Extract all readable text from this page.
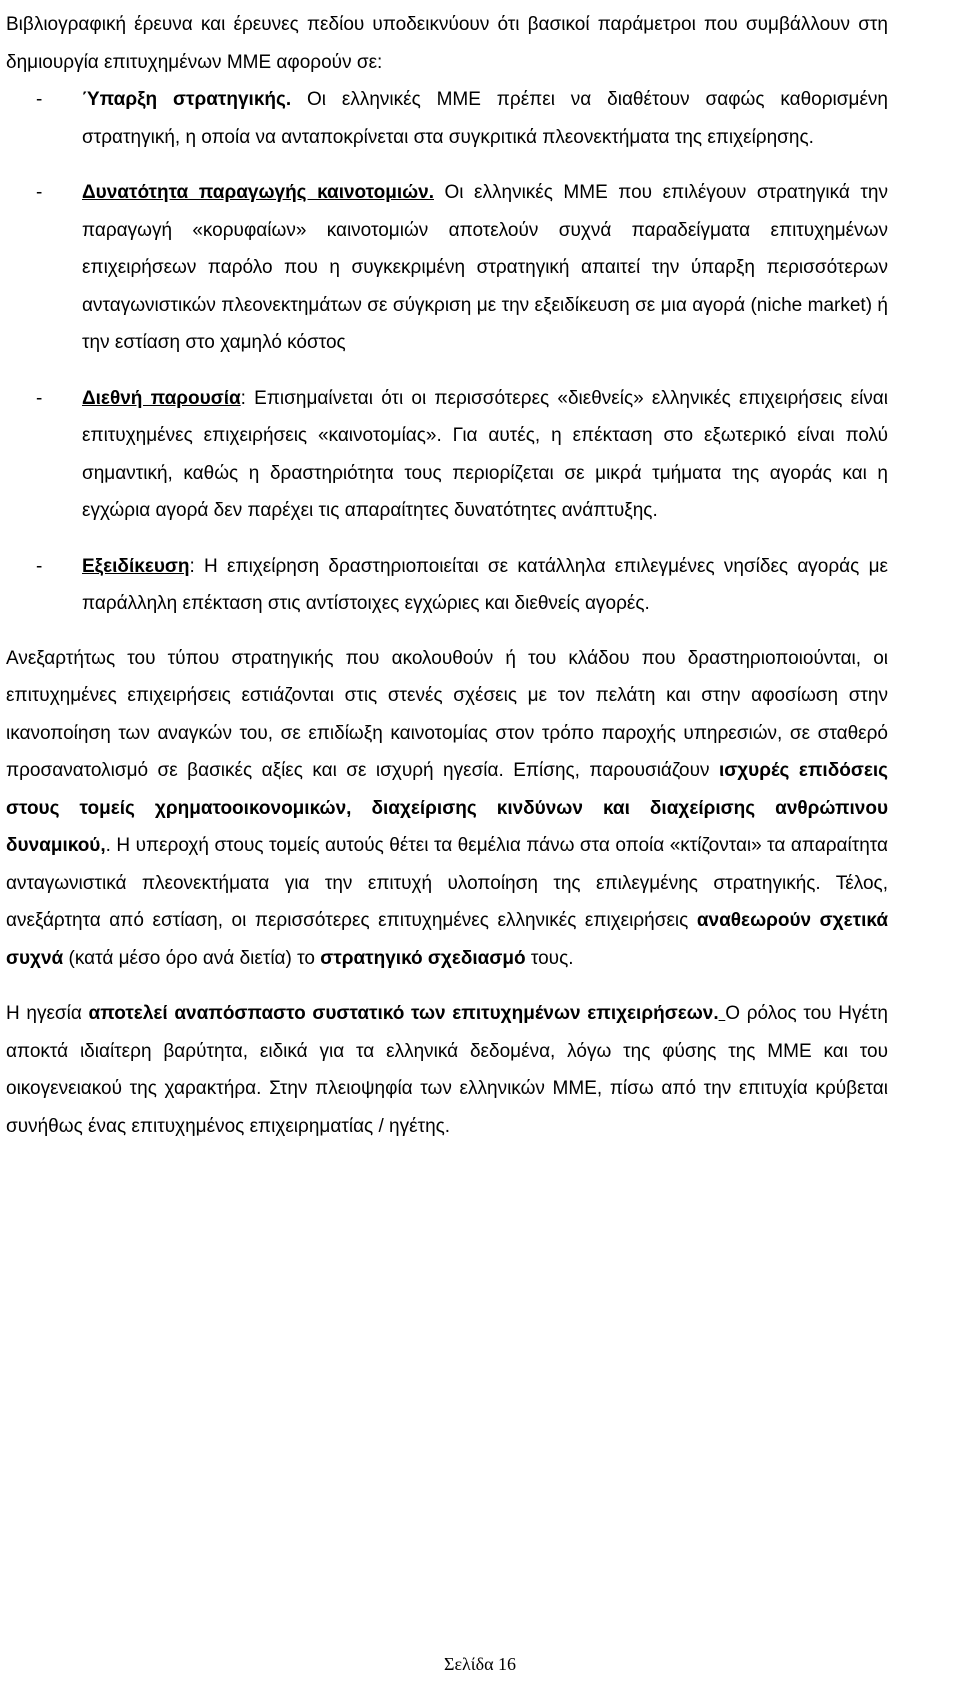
Βιβλιογραφική έρευνα και έρευνες πεδίου υποδεικνύουν ότι βασικοί παράμετροι που συμβάλλουν στη δημιουργία επιτυχημένων ΜΜΕ αφορούν σε:

- Ύπαρξη στρατηγικής. Οι ελληνικές ΜΜΕ πρέπει να διαθέτουν σαφώς καθορισμένη στρατηγική, η οποία να ανταποκρίνεται στα συγκριτικά πλεονεκτήματα της επιχείρησης.

- Δυνατότητα παραγωγής καινοτομιών. Οι ελληνικές ΜΜΕ που επιλέγουν στρατηγικά την παραγωγή «κορυφαίων» καινοτομιών αποτελούν συχνά παραδείγματα επιτυχημένων επιχειρήσεων παρόλο που η συγκεκριμένη στρατηγική απαιτεί την ύπαρξη περισσότερων ανταγωνιστικών πλεονεκτημάτων σε σύγκριση με την εξειδίκευση σε μια αγορά (niche market) ή την εστίαση στο χαμηλό κόστος

- Διεθνή παρουσία: Επισημαίνεται ότι οι περισσότερες «διεθνείς» ελληνικές επιχειρήσεις είναι επιτυχημένες επιχειρήσεις «καινοτομίας». Για αυτές, η επέκταση στο εξωτερικό είναι πολύ σημαντική, καθώς η δραστηριότητα τους περιορίζεται σε μικρά τμήματα της αγοράς και η εγχώρια αγορά δεν παρέχει τις απαραίτητες δυνατότητες ανάπτυξης.

- Εξειδίκευση: Η επιχείρηση δραστηριοποιείται σε κατάλληλα επιλεγμένες νησίδες αγοράς με παράλληλη επέκταση στις αντίστοιχες εγχώριες και διεθνείς αγορές.

Ανεξαρτήτως του τύπου στρατηγικής που ακολουθούν ή του κλάδου που δραστηριοποιούνται, οι επιτυχημένες επιχειρήσεις εστιάζονται στις στενές σχέσεις με τον πελάτη και στην αφοσίωση στην ικανοποίηση των αναγκών του, σε επιδίωξη καινοτομίας στον τρόπο παροχής υπηρεσιών, σε σταθερό προσανατολισμό σε βασικές αξίες και σε ισχυρή ηγεσία. Επίσης, παρουσιάζουν ισχυρές επιδόσεις στους τομείς χρηματοοικονομικών, διαχείρισης κινδύνων και διαχείρισης ανθρώπινου δυναμικού,. Η υπεροχή στους τομείς αυτούς θέτει τα θεμέλια πάνω στα οποία «κτίζονται» τα απαραίτητα ανταγωνιστικά πλεονεκτήματα για την επιτυχή υλοποίηση της επιλεγμένης στρατηγικής. Τέλος, ανεξάρτητα από εστίαση, οι περισσότερες επιτυχημένες ελληνικές επιχειρήσεις αναθεωρούν σχετικά συχνά (κατά μέσο όρο ανά διετία) το στρατηγικό σχεδιασμό τους.

Η ηγεσία αποτελεί αναπόσπαστο συστατικό των επιτυχημένων επιχειρήσεων. Ο ρόλος του Ηγέτη αποκτά ιδιαίτερη βαρύτητα, ειδικά για τα ελληνικά δεδομένα, λόγω της φύσης της ΜΜΕ και του οικογενειακού της χαρακτήρα. Στην πλειοψηφία των ελληνικών ΜΜΕ, πίσω από την επιτυχία κρύβεται συνήθως ένας επιτυχημένος επιχειρηματίας / ηγέτης.

Σελίδα 16
